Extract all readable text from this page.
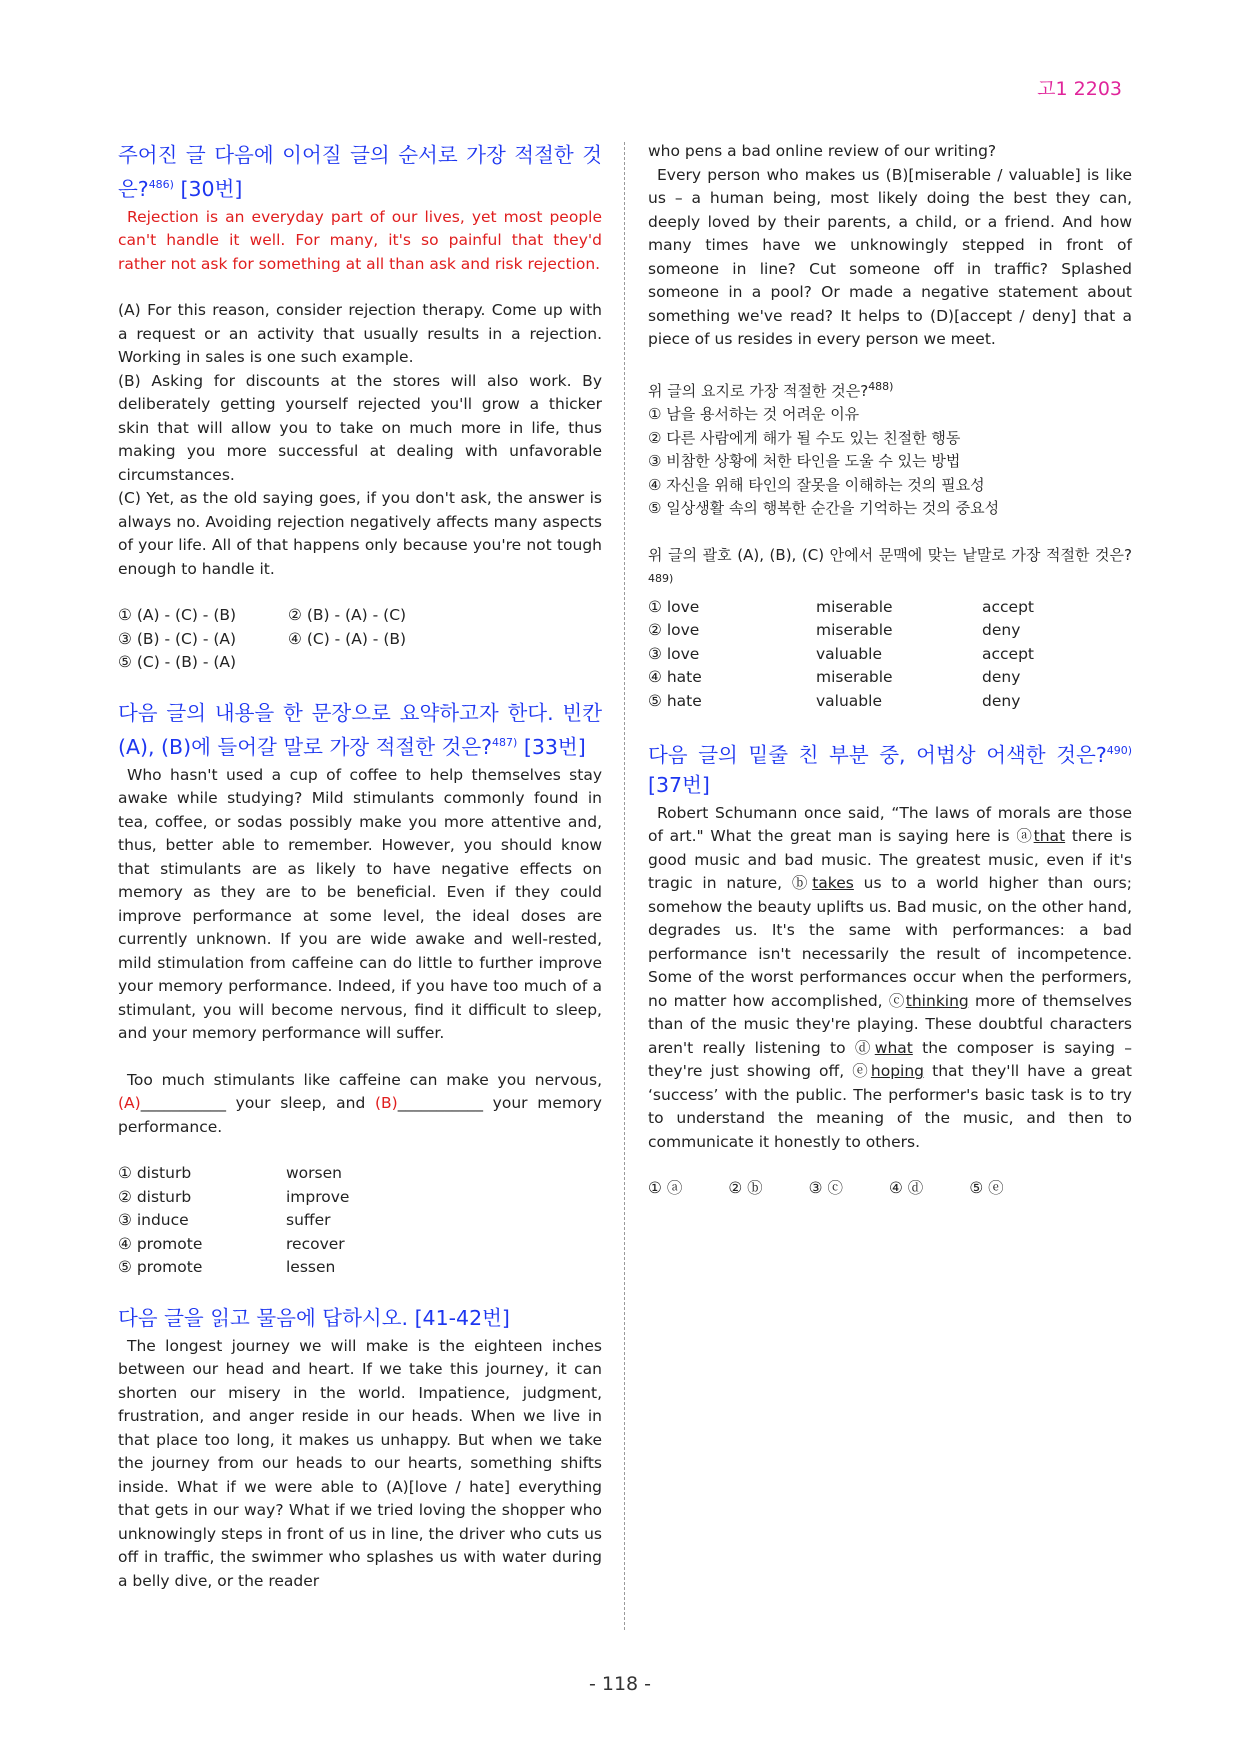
고1 2203
주어진 글 다음에 이어질 글의 순서로 가장 적절한 것은?$^{486)}$ [30번]

Rejection is an everyday part of our lives, yet most people can't handle it well. For many, it's so painful that they'd rather not ask for something at all than ask and risk rejection.

(A) For this reason, consider rejection therapy. Come up with a request or an activity that usually results in a rejection. Working in sales is one such example.

(B) Asking for discounts at the stores will also work. By deliberately getting yourself rejected you'll grow a thicker skin that will allow you to take on much more in life, thus making you more successful at dealing with unfavorable circumstances.

(C) Yet, as the old saying goes, if you don't ask, the answer is always no. Avoiding rejection negatively affects many aspects of your life. All of that happens only because you're not tough enough to handle it.

① (A) - (C) - (B)	② (B) - (A) - (C)
③ (B) - (C) - (A)	④ (C) - (A) - (B)
⑤ (C) - (B) - (A)
다음 글의 내용을 한 문장으로 요약하고자 한다. 빈칸 (A), (B)에 들어갈 말로 가장 적절한 것은?$^{487)}$ [33번]

Who hasn't used a cup of coffee to help themselves stay awake while studying? Mild stimulants commonly found in tea, coffee, or sodas possibly make you more attentive and, thus, better able to remember. However, you should know that stimulants are as likely to have negative effects on memory as they are to be beneficial. Even if they could improve performance at some level, the ideal doses are currently unknown. If you are wide awake and well-rested, mild stimulation from caffeine can do little to further improve your memory performance. Indeed, if you have too much of a stimulant, you will become nervous, find it difficult to sleep, and your memory performance will suffer.

Too much stimulants like caffeine can make you nervous, (A)___________ your sleep, and (B)___________ your memory performance.

① disturb	worsen
② disturb	improve
③ induce	suffer
④ promote	recover
⑤ promote	lessen
다음 글을 읽고 물음에 답하시오. [41-42번]

The longest journey we will make is the eighteen inches between our head and heart. If we take this journey, it can shorten our misery in the world. Impatience, judgment, frustration, and anger reside in our heads. When we live in that place too long, it makes us unhappy. But when we take the journey from our heads to our hearts, something shifts inside. What if we were able to (A)[love / hate] everything that gets in our way? What if we tried loving the shopper who unknowingly steps in front of us in line, the driver who cuts us off in traffic, the swimmer who splashes us with water during a belly dive, or the reader

who pens a bad online review of our writing?

Every person who makes us (B)[miserable / valuable] is like us – a human being, most likely doing the best they can, deeply loved by their parents, a child, or a friend. And how many times have we unknowingly stepped in front of someone in line? Cut someone off in traffic? Splashed someone in a pool? Or made a negative statement about something we've read? It helps to (D)[accept / deny] that a piece of us resides in every person we meet.

위 글의 요지로 가장 적절한 것은?$^{488)}$
① 남을 용서하는 것 어려운 이유
② 다른 사람에게 해가 될 수도 있는 친절한 행동
③ 비참한 상황에 처한 타인을 도울 수 있는 방법
④ 자신을 위해 타인의 잘못을 이해하는 것의 필요성
⑤ 일상생활 속의 행복한 순간을 기억하는 것의 중요성
위 글의 괄호 (A), (B), (C) 안에서 문맥에 맞는 낱말로 가장 적절한 것은?$^{489)}$
① love	miserable	accept
② love	miserable	deny
③ love	valuable	accept
④ hate	miserable	deny
⑤ hate	valuable	deny
다음 글의 밑줄 친 부분 중, 어법상 어색한 것은?$^{490)}$ [37번]

Robert Schumann once said, “The laws of morals are those of art." What the great man is saying here is ⓐthat there is good music and bad music. The greatest music, even if it's tragic in nature, ⓑtakes us to a world higher than ours; somehow the beauty uplifts us. Bad music, on the other hand, degrades us. It's the same with performances: a bad performance isn't necessarily the result of incompetence. Some of the worst performances occur when the performers, no matter how accomplished, ⓒthinking more of themselves than of the music they're playing. These doubtful characters aren't really listening to ⓓwhat the composer is saying – they're just showing off, ⓔhoping that they'll have a great ‘success’ with the public. The performer's basic task is to try to understand the meaning of the music, and then to communicate it honestly to others.

① ⓐ	② ⓑ	③ ⓒ	④ ⓓ	⑤ ⓔ
- 118 -
